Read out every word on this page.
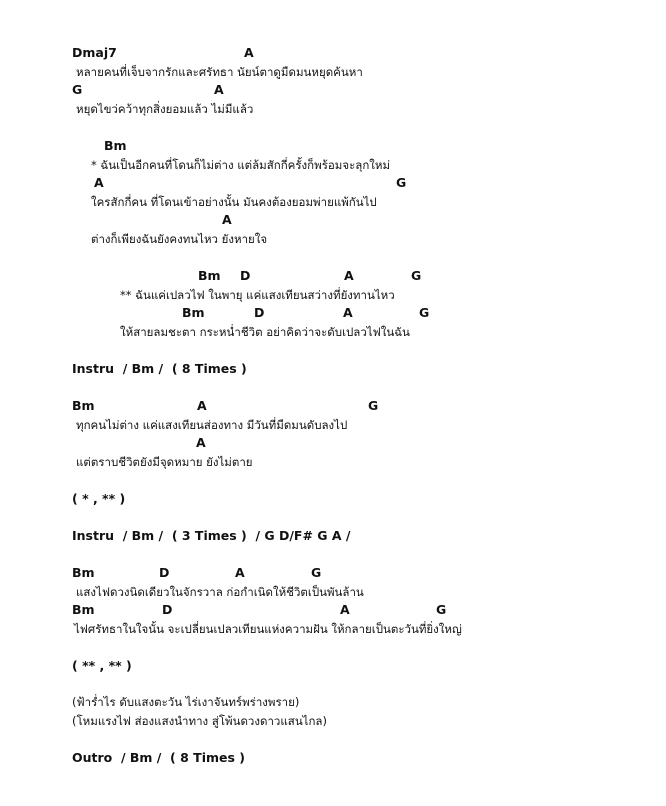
Dmaj7	A
หลายคนที่เจ็บจากรักและศรัทธา นัยน์ตาดูมืดมนหยุดค้นหา
G	A
หยุดไขว่คว้าทุกสิ่งยอมแล้ว ไม่มีแล้ว
Bm
* ฉันเป็นอีกคนที่โดนก็ไม่ต่าง แต่ล้มสักกี่ครั้งก็พร้อมจะลุกใหม่
A	G
ใครสักกี่คน ที่โดนเข้าอย่างนั้น มันคงต้องยอมพ่ายแพ้กันไป
A
ต่างก็เพียงฉันยังคงทนไหว ยังหายใจ
Bm D	A	G
** ฉันแค่เปลวไฟ ในพายุ แค่แสงเทียนสว่างที่ยังทานไหว
Bm	D	A	G
ให้สายลมชะตา กระหน่ำชีวิต อย่าคิดว่าจะดับเปลวไฟในฉัน
Instru  / Bm /  ( 8 Times )
Bm	A	G
ทุกคนไม่ต่าง แค่แสงเทียนส่องทาง มีวันที่มืดมนดับลงไป
A
แต่ตราบชีวิตยังมีจุดหมาย ยังไม่ตาย
( * , ** )
Instru  / Bm /  ( 3 Times )  / G D/F# G A /
Bm	D	A	G
แสงไฟดวงนิดเดียวในจักรวาล ก่อกำเนิดให้ชีวิตเป็นพันล้าน
Bm	D	A	G
ไฟศรัทธาในใจนั้น จะเปลี่ยนเปลวเทียนแห่งความฝัน ให้กลายเป็นตะวันที่ยิ่งใหญ่
( ** , ** )
(ฟ้าร่ำไร ดับแสงตะวัน ไร่เงาจันทร์พร่างพราย)
(โหมแรงไฟ ส่องแสงนำทาง สู่โพ้นดวงดาวแสนไกล)
Outro  / Bm /  ( 8 Times )
